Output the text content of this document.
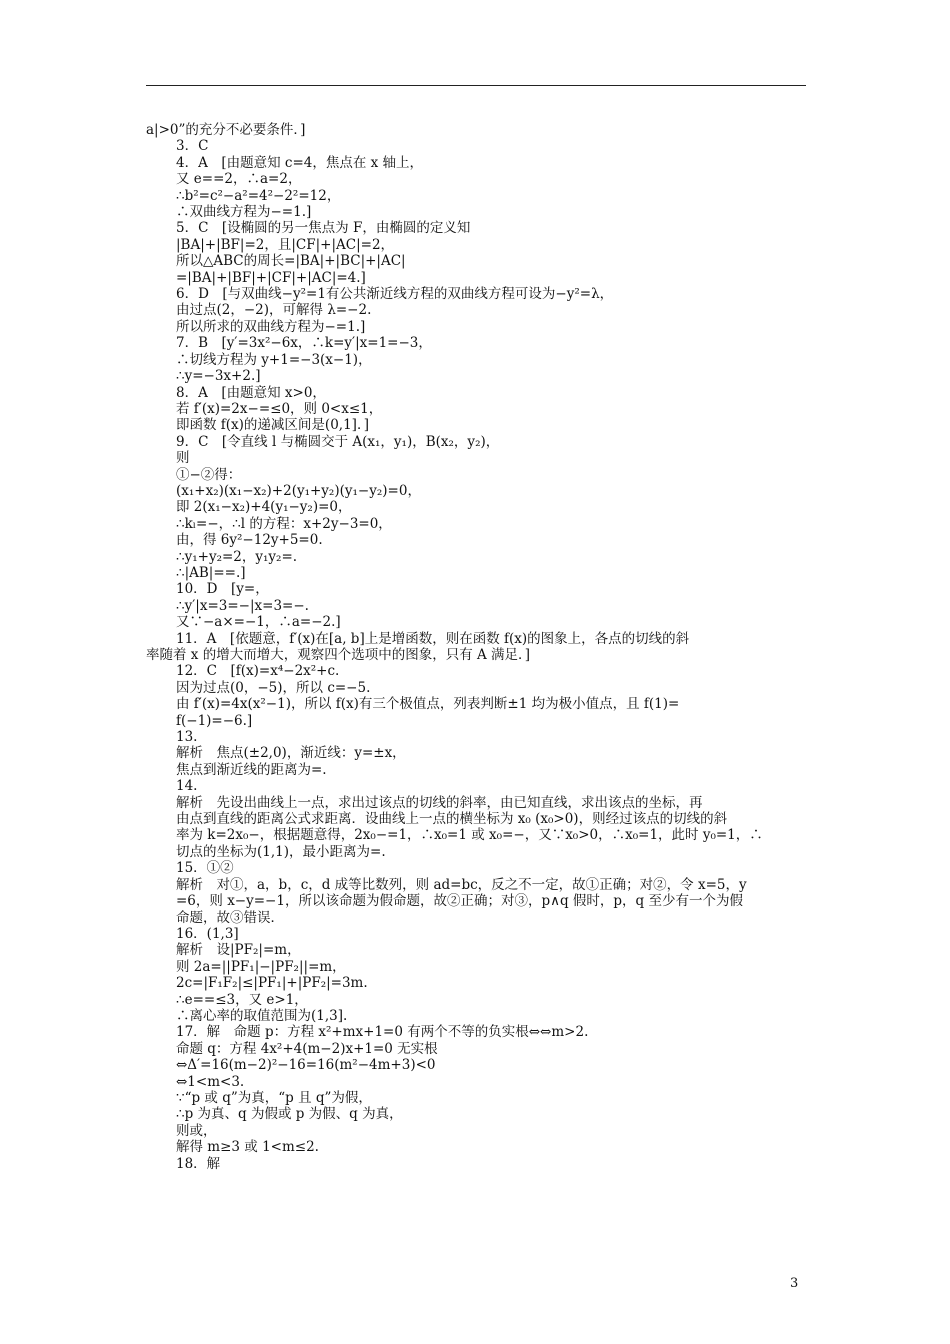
a|>0”的充分不必要条件．]
3．C
4．A　[由题意知 c=4，焦点在 x 轴上，
又 e==2，∴a=2，
∴b²=c²−a²=4²−2²=12，
∴双曲线方程为−=1.]
5．C　[设椭圆的另一焦点为 F，由椭圆的定义知
|BA|+|BF|=2，且|CF|+|AC|=2，
所以△ABC的周长=|BA|+|BC|+|AC|
=|BA|+|BF|+|CF|+|AC|=4.]
6．D　[与双曲线−y²=1有公共渐近线方程的双曲线方程可设为−y²=λ，
由过点(2，−2)，可解得 λ=−2.
所以所求的双曲线方程为−=1.]
7．B　[y′=3x²−6x，∴k=y′|x=1=−3，
∴切线方程为 y+1=−3(x−1)，
∴y=−3x+2.]
8．A　[由题意知 x>0，
若 f′(x)=2x−=≤0，则 0<x≤1，
即函数 f(x)的递减区间是(0,1]．]
9．C　[令直线 l 与椭圆交于 A(x₁，y₁)，B(x₂，y₂)，
则
①−②得：
(x₁+x₂)(x₁−x₂)+2(y₁+y₂)(y₁−y₂)=0，
即 2(x₁−x₂)+4(y₁−y₂)=0，
∴kₗ=−，∴l 的方程：x+2y−3=0，
由，得 6y²−12y+5=0.
∴y₁+y₂=2，y₁y₂=.
∴|AB|==.]
10．D　[y=，
∴y′|x=3=−|x=3=−.
又∵−a×=−1，∴a=−2.]
11．A　[依题意，f′(x)在[a, b]上是增函数，则在函数 f(x)的图象上，各点的切线的斜
率随着 x 的增大而增大，观察四个选项中的图象，只有 A 满足．]
12．C　[f(x)=x⁴−2x²+c.
因为过点(0，−5)，所以 c=−5.
由 f′(x)=4x(x²−1)，所以 f(x)有三个极值点，列表判断±1 均为极小值点，且 f(1)=
f(−1)=−6.]
13.
解析　焦点(±2,0)，渐近线：y=±x，
焦点到渐近线的距离为=.
14.
解析　先设出曲线上一点，求出过该点的切线的斜率，由已知直线，求出该点的坐标，再
由点到直线的距离公式求距离．设曲线上一点的横坐标为 x₀ (x₀>0)，则经过该点的切线的斜
率为 k=2x₀−，根据题意得，2x₀−=1，∴x₀=1 或 x₀=−，又∵x₀>0，∴x₀=1，此时 y₀=1，∴
切点的坐标为(1,1)，最小距离为=.
15．①②
解析　对①，a，b，c，d 成等比数列，则 ad=bc，反之不一定，故①正确；对②，令 x=5，y
=6，则 x−y=−1，所以该命题为假命题，故②正确；对③，p∧q 假时，p，q 至少有一个为假
命题，故③错误．
16．(1,3]
解析　设|PF₂|=m，
则 2a=||PF₁|−|PF₂||=m，
2c=|F₁F₂|≤|PF₁|+|PF₂|=3m.
∴e==≤3，又 e>1，
∴离心率的取值范围为(1,3].
17．解　命题 p：方程 x²+mx+1=0 有两个不等的负实根⇔⇔m>2.
命题 q：方程 4x²+4(m−2)x+1=0 无实根
⇔Δ′=16(m−2)²−16=16(m²−4m+3)<0
⇔1<m<3.
∵“p 或 q”为真，“p 且 q”为假，
∴p 为真、q 为假或 p 为假、q 为真，
则或，
解得 m≥3 或 1<m≤2.
18．解
3
